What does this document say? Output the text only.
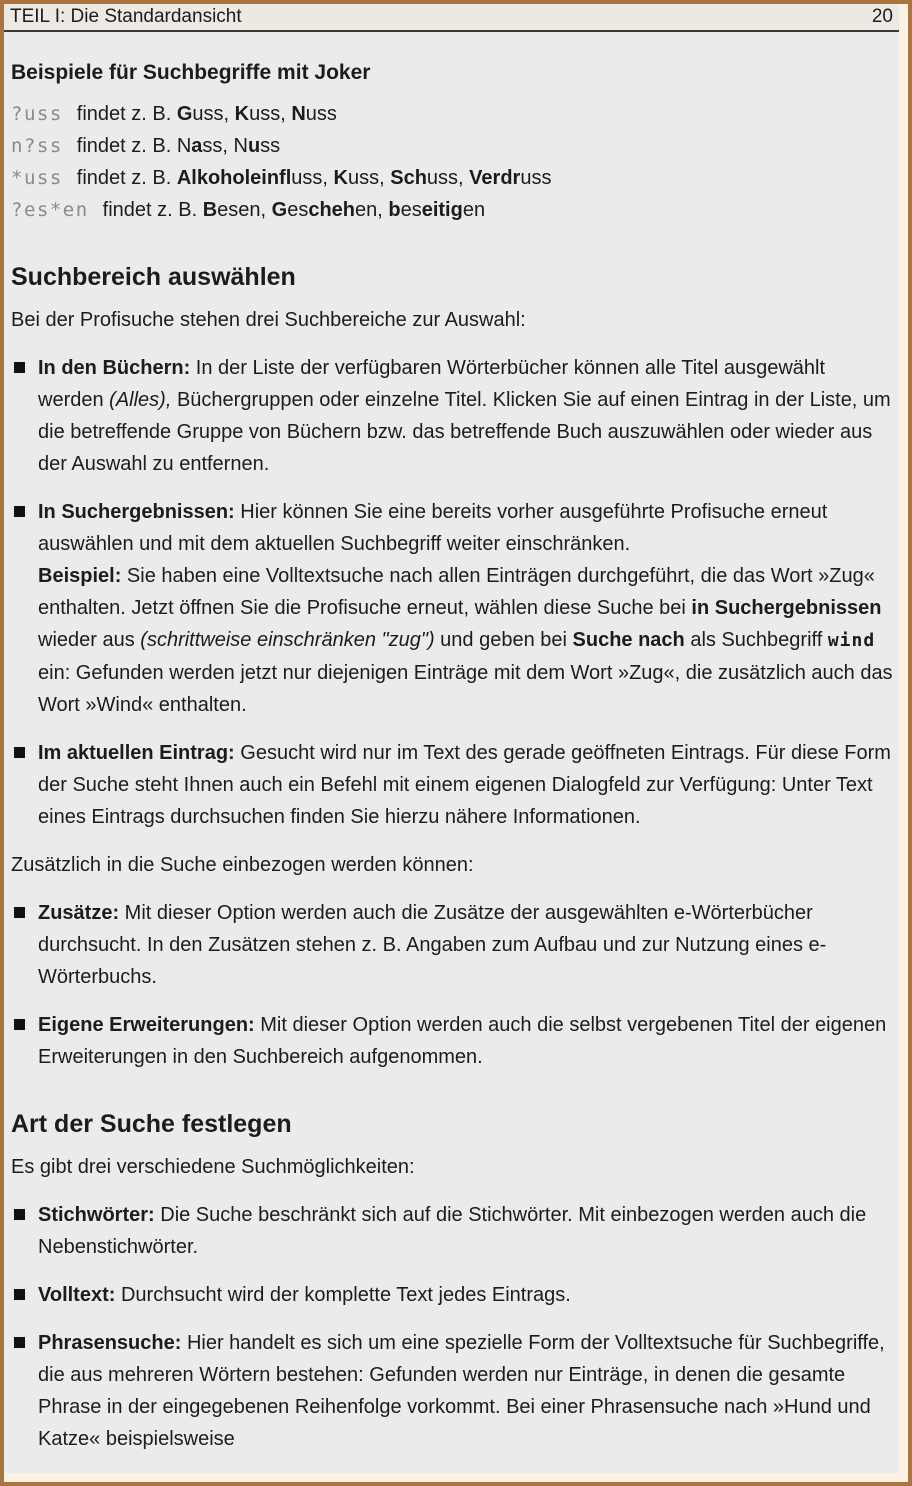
TEIL I: Die Standardansicht	20
Beispiele für Suchbegriffe mit Joker
?uss findet z. B. Guss, Kuss, Nuss
n?ss findet z. B. Nass, Nuss
*uss findet z. B. Alkoholeinfluss, Kuss, Schuss, Verdruss
?es*en findet z. B. Besen, Geschehen, beseitigen
Suchbereich auswählen

Bei der Profisuche stehen drei Suchbereiche zur Auswahl:

In den Büchern: In der Liste der verfügbaren Wörterbücher können alle Titel ausgewählt werden (Alles), Büchergruppen oder einzelne Titel. Klicken Sie auf einen Eintrag in der Liste, um die betreffende Gruppe von Büchern bzw. das betreffende Buch auszuwählen oder wieder aus der Auswahl zu entfernen.
In Suchergebnissen: Hier können Sie eine bereits vorher ausgeführte Profisuche erneut auswählen und mit dem aktuellen Suchbegriff weiter einschränken.
Beispiel: Sie haben eine Volltextsuche nach allen Einträgen durchgeführt, die das Wort »Zug« enthalten. Jetzt öffnen Sie die Profisuche erneut, wählen diese Suche bei in Suchergebnissen wieder aus (schrittweise einschränken "zug") und geben bei Suche nach als Suchbegriff wind ein: Gefunden werden jetzt nur diejenigen Einträge mit dem Wort »Zug«, die zusätzlich auch das Wort »Wind« enthalten.
Im aktuellen Eintrag: Gesucht wird nur im Text des gerade geöffneten Eintrags. Für diese Form der Suche steht Ihnen auch ein Befehl mit einem eigenen Dialogfeld zur Verfügung: Unter Text eines Eintrags durchsuchen finden Sie hierzu nähere Informationen.

Zusätzlich in die Suche einbezogen werden können:

Zusätze: Mit dieser Option werden auch die Zusätze der ausgewählten e-Wörterbücher durchsucht. In den Zusätzen stehen z. B. Angaben zum Aufbau und zur Nutzung eines e-Wörterbuchs.
Eigene Erweiterungen: Mit dieser Option werden auch die selbst vergebenen Titel der eigenen Erweiterungen in den Suchbereich aufgenommen.
Art der Suche festlegen

Es gibt drei verschiedene Suchmöglichkeiten:

Stichwörter: Die Suche beschränkt sich auf die Stichwörter. Mit einbezogen werden auch die Nebenstichwörter.
Volltext: Durchsucht wird der komplette Text jedes Eintrags.
Phrasensuche: Hier handelt es sich um eine spezielle Form der Volltextsuche für Suchbegriffe, die aus mehreren Wörtern bestehen: Gefunden werden nur Einträge, in denen die gesamte Phrase in der eingegebenen Reihenfolge vorkommt. Bei einer Phrasensuche nach »Hund und Katze« beispielsweise
